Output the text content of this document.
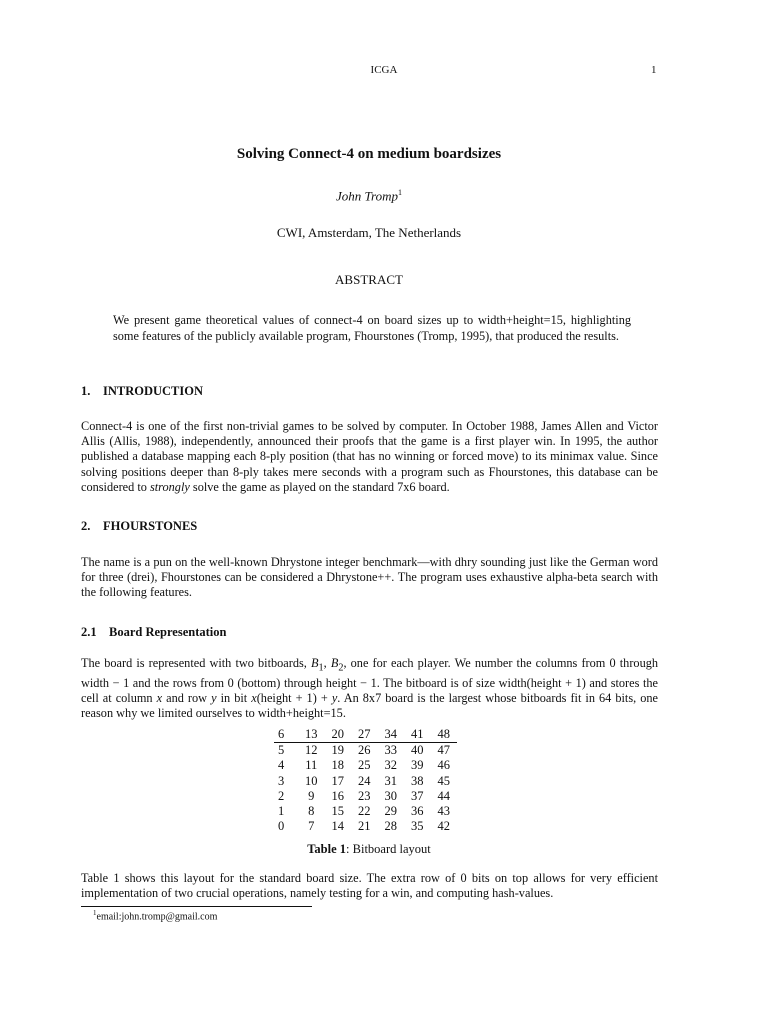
ICGA	1
Solving Connect-4 on medium boardsizes
John Tromp$^1$
CWI, Amsterdam, The Netherlands
ABSTRACT
We present game theoretical values of connect-4 on board sizes up to width+height=15, highlighting some features of the publicly available program, Fhourstones (Tromp, 1995), that produced the results.
1. INTRODUCTION
Connect-4 is one of the first non-trivial games to be solved by computer. In October 1988, James Allen and Victor Allis (Allis, 1988), independently, announced their proofs that the game is a first player win. In 1995, the author published a database mapping each 8-ply position (that has no winning or forced move) to its minimax value. Since solving positions deeper than 8-ply takes mere seconds with a program such as Fhourstones, this database can be considered to strongly solve the game as played on the standard 7x6 board.
2. FHOURSTONES
The name is a pun on the well-known Dhrystone integer benchmark—with dhry sounding just like the German word for three (drei), Fhourstones can be considered a Dhrystone++. The program uses exhaustive alpha-beta search with the following features.
2.1 Board Representation
The board is represented with two bitboards, $B_1$, $B_2$, one for each player. We number the columns from 0 through width − 1 and the rows from 0 (bottom) through height − 1. The bitboard is of size width(height + 1) and stores the cell at column x and row y in bit x(height + 1) + y. An 8x7 board is the largest whose bitboards fit in 64 bits, one reason why we limited ourselves to width+height=15.
6	13	20	27	34	41	48
5	12	19	26	33	40	47
4	11	18	25	32	39	46
3	10	17	24	31	38	45
2	9	16	23	30	37	44
1	8	15	22	29	36	43
0	7	14	21	28	35	42
Table 1: Bitboard layout
Table 1 shows this layout for the standard board size. The extra row of 0 bits on top allows for very efficient implementation of two crucial operations, namely testing for a win, and computing hash-values.
$^1$email:john.tromp@gmail.com
